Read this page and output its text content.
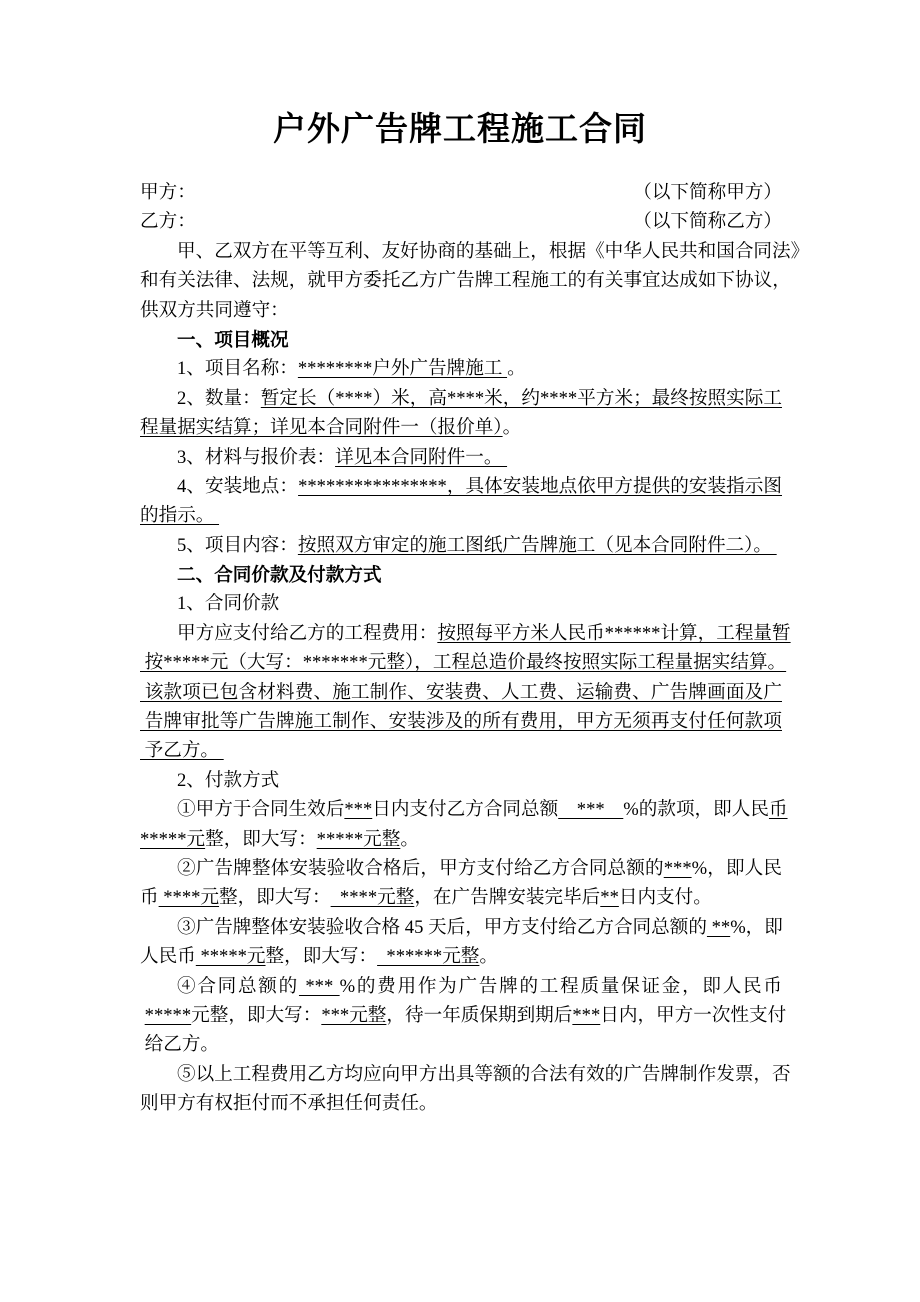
户外广告牌工程施工合同
甲方：	（以下简称甲方）
乙方：	（以下简称乙方）
甲、乙双方在平等互利、友好协商的基础上，根据《中华人民共和国合同法》
和有关法律、法规，就甲方委托乙方广告牌工程施工的有关事宜达成如下协议，
供双方共同遵守：
一、项目概况
1、项目名称：********户外广告牌施工 。
2、数量：暂定长（****）米，高****米，约****平方米；最终按照实际工
程量据实结算；详见本合同附件一（报价单）。
3、材料与报价表：详见本合同附件一。
4、安装地点：****************，具体安装地点依甲方提供的安装指示图
的指示。
5、项目内容：按照双方审定的施工图纸广告牌施工（见本合同附件二）。
二、合同价款及付款方式
1、合同价款
甲方应支付给乙方的工程费用：按照每平方米人民币******计算，工程量暂
按*****元（大写：*******元整），工程总造价最终按照实际工程量据实结算。
该款项已包含材料费、施工制作、安装费、人工费、运输费、广告牌画面及广
告牌审批等广告牌施工制作、安装涉及的所有费用，甲方无须再支付任何款项
予乙方。
2、付款方式
①甲方于合同生效后***日内支付乙方合同总额    ***    %的款项，即人民币
*****元整，即大写：*****元整。
②广告牌整体安装验收合格后，甲方支付给乙方合同总额的***%，即人民
币 ****元整，即大写：  ****元整，在广告牌安装完毕后**日内支付。
③广告牌整体安装验收合格 45 天后，甲方支付给乙方合同总额的 **%，即
人民币 *****元整，即大写：  ******元整。
④合同总额的 *** %的费用作为广告牌的工程质量保证金，即人民币
*****元整，即大写：***元整，待一年质保期到期后***日内，甲方一次性支付
给乙方。
⑤以上工程费用乙方均应向甲方出具等额的合法有效的广告牌制作发票，否
则甲方有权拒付而不承担任何责任。
